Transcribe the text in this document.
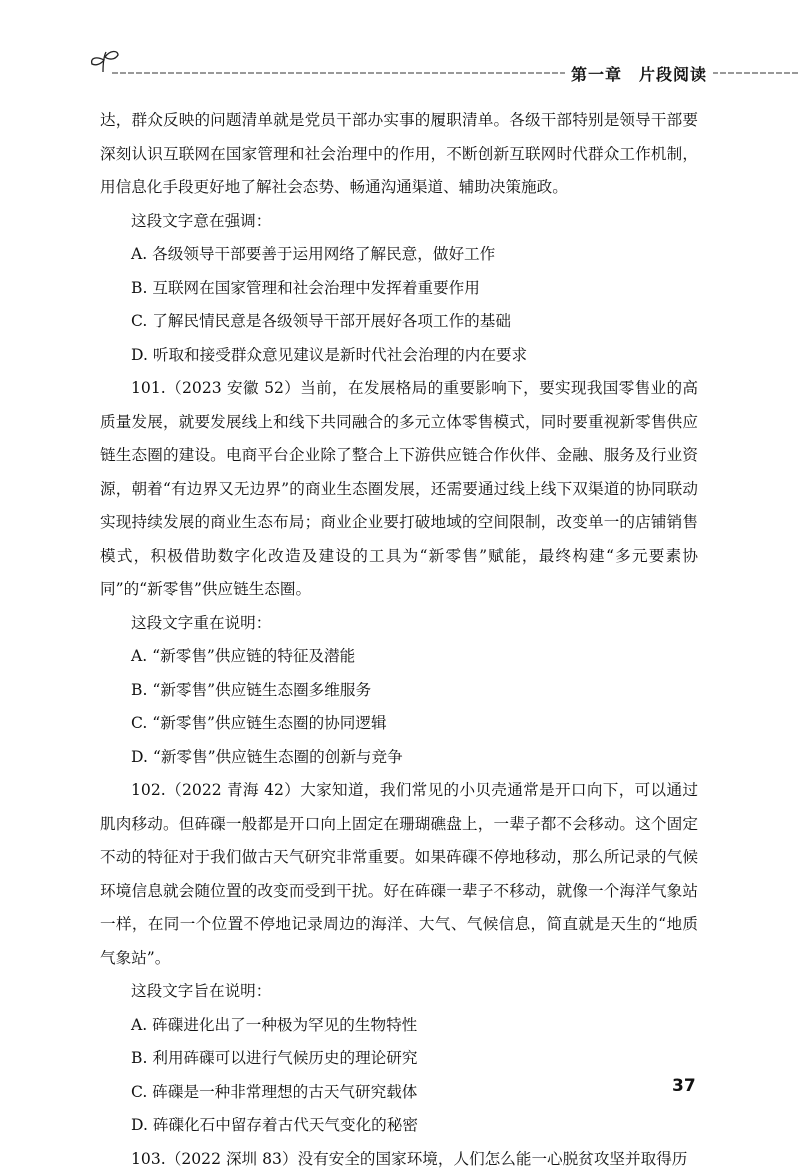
第一章　片段阅读

达，群众反映的问题清单就是党员干部办实事的履职清单。各级干部特别是领导干部要深刻认识互联网在国家管理和社会治理中的作用，不断创新互联网时代群众工作机制，用信息化手段更好地了解社会态势、畅通沟通渠道、辅助决策施政。

这段文字意在强调：

A. 各级领导干部要善于运用网络了解民意，做好工作

B. 互联网在国家管理和社会治理中发挥着重要作用

C. 了解民情民意是各级领导干部开展好各项工作的基础

D. 听取和接受群众意见建议是新时代社会治理的内在要求

101.（2023 安徽 52）当前，在发展格局的重要影响下，要实现我国零售业的高质量发展，就要发展线上和线下共同融合的多元立体零售模式，同时要重视新零售供应链生态圈的建设。电商平台企业除了整合上下游供应链合作伙伴、金融、服务及行业资源，朝着“有边界又无边界”的商业生态圈发展，还需要通过线上线下双渠道的协同联动实现持续发展的商业生态布局；商业企业要打破地域的空间限制，改变单一的店铺销售模式，积极借助数字化改造及建设的工具为“新零售”赋能，最终构建“多元要素协同”的“新零售”供应链生态圈。

这段文字重在说明：

A. “新零售”供应链的特征及潜能

B. “新零售”供应链生态圈多维服务

C. “新零售”供应链生态圈的协同逻辑

D. “新零售”供应链生态圈的创新与竞争

102.（2022 青海 42）大家知道，我们常见的小贝壳通常是开口向下，可以通过肌肉移动。但砗磲一般都是开口向上固定在珊瑚礁盘上，一辈子都不会移动。这个固定不动的特征对于我们做古天气研究非常重要。如果砗磲不停地移动，那么所记录的气候环境信息就会随位置的改变而受到干扰。好在砗磲一辈子不移动，就像一个海洋气象站一样，在同一个位置不停地记录周边的海洋、大气、气候信息，简直就是天生的“地质气象站”。

这段文字旨在说明：

A. 砗磲进化出了一种极为罕见的生物特性

B. 利用砗磲可以进行气候历史的理论研究

C. 砗磲是一种非常理想的古天气研究载体

D. 砗磲化石中留存着古代天气变化的秘密

103.（2022 深圳 83）没有安全的国家环境，人们怎么能一心脱贫攻坚并取得历

37
